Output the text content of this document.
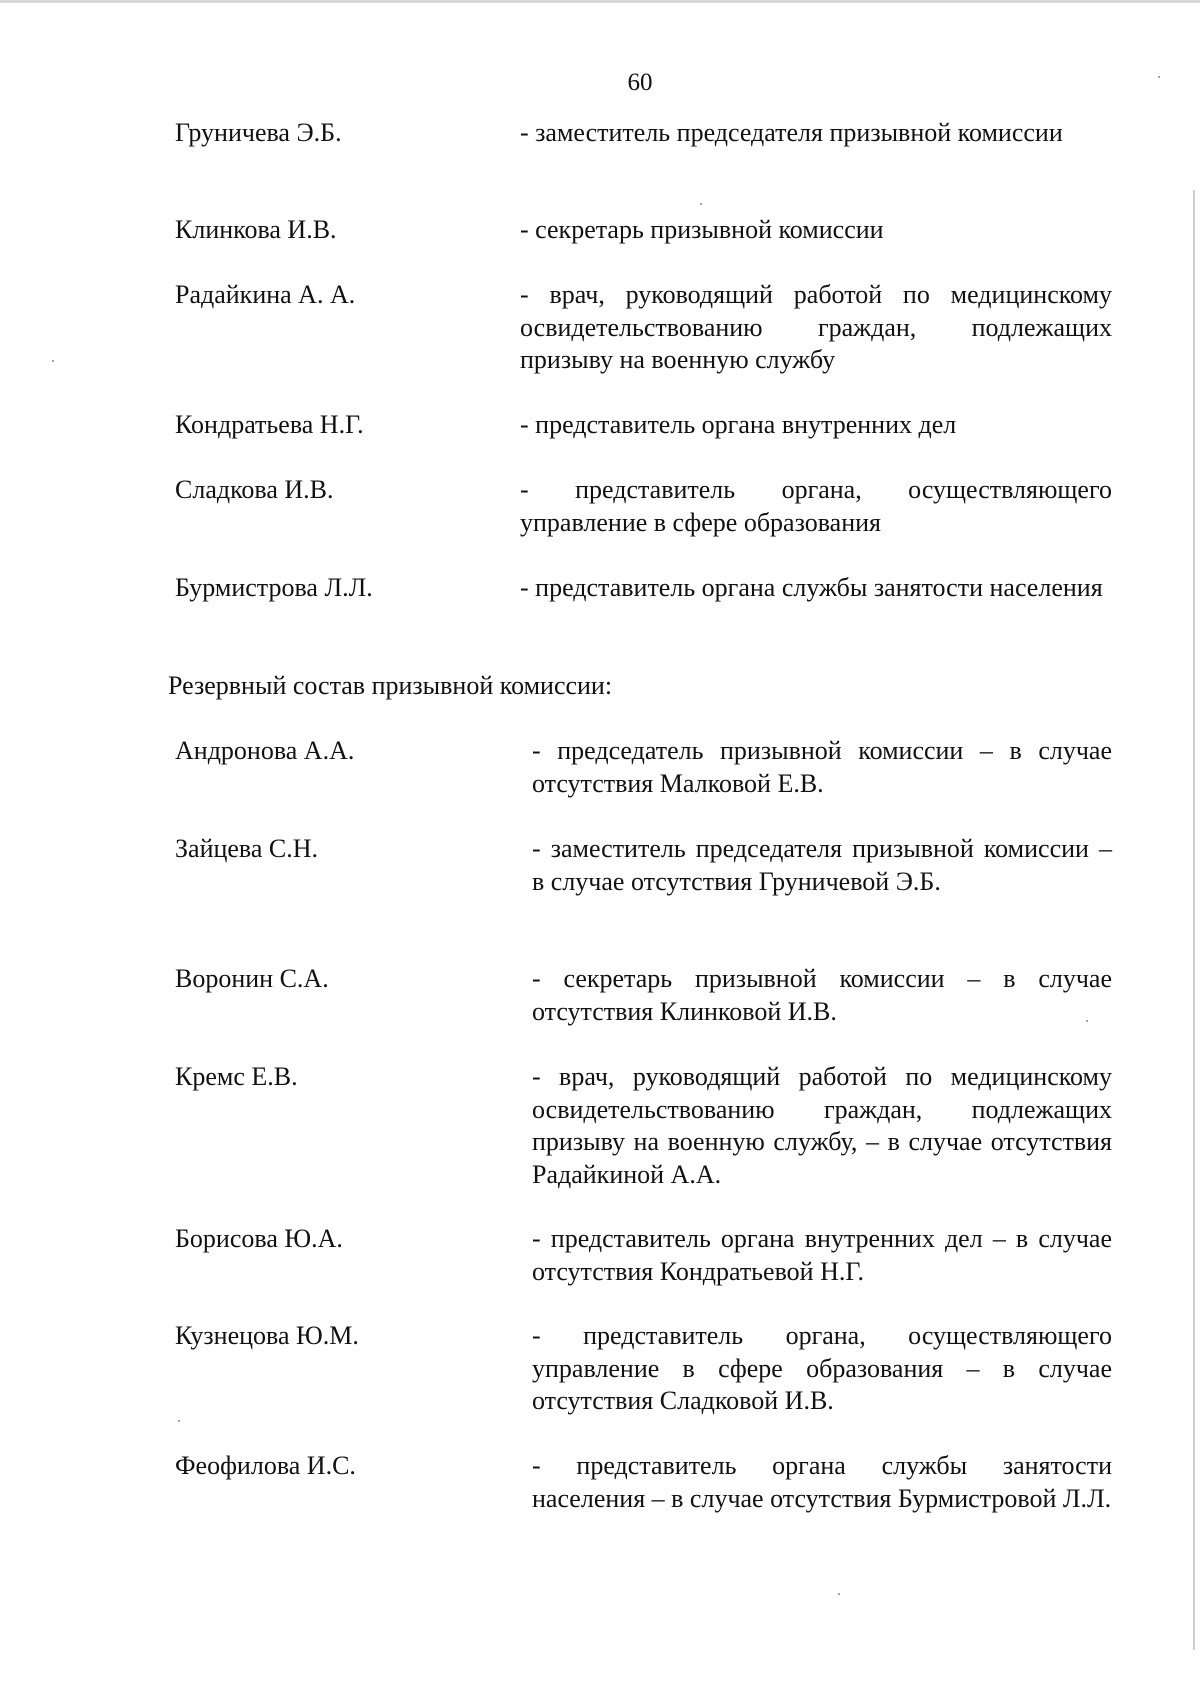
60
Груничева Э.Б.	- заместитель председателя призывной комиссии
Клинкова И.В.	- секретарь призывной комиссии
Радайкина А. А.	- врач, руководящий работой по медицинскому освидетельствованию граждан, подлежащих призыву на военную службу
Кондратьева Н.Г.	- представитель органа внутренних дел
Сладкова И.В.	- представитель органа, осуществляющего управление в сфере образования
Бурмистрова Л.Л.	- представитель органа службы занятости населения
Резервный состав призывной комиссии:
Андронова А.А.	- председатель призывной комиссии – в случае отсутствия Малковой Е.В.
Зайцева С.Н.	- заместитель председателя призывной комиссии – в случае отсутствия Груничевой Э.Б.
Воронин С.А.	- секретарь призывной комиссии – в случае отсутствия Клинковой И.В.
Кремс Е.В.	- врач, руководящий работой по медицинскому освидетельствованию граждан, подлежащих призыву на военную службу, – в случае отсутствия Радайкиной А.А.
Борисова Ю.А.	- представитель органа внутренних дел – в случае отсутствия Кондратьевой Н.Г.
Кузнецова Ю.М.	- представитель органа, осуществляющего управление в сфере образования – в случае отсутствия Сладковой И.В.
Феофилова И.С.	- представитель органа службы занятости населения – в случае отсутствия Бурмистровой Л.Л.
